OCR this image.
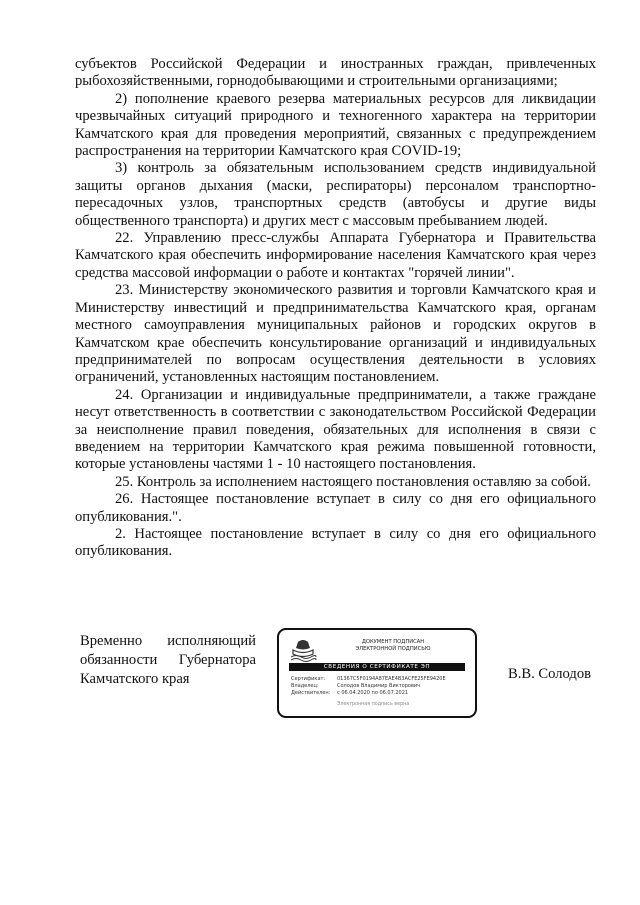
субъектов Российской Федерации и иностранных граждан, привлеченных рыбохозяйственными, горнодобывающими и строительными организациями;

2) пополнение краевого резерва материальных ресурсов для ликвидации чрезвычайных ситуаций природного и техногенного характера на территории Камчатского края для проведения мероприятий, связанных с предупреждением распространения на территории Камчатского края COVID-19;

3) контроль за обязательным использованием средств индивидуальной защиты органов дыхания (маски, респираторы) персоналом транспортно-пересадочных узлов, транспортных средств (автобусы и другие виды общественного транспорта) и других мест с массовым пребыванием людей.

22. Управлению пресс-службы Аппарата Губернатора и Правительства Камчатского края обеспечить информирование населения Камчатского края через средства массовой информации о работе и контактах "горячей линии".

23. Министерству экономического развития и торговли Камчатского края и Министерству инвестиций и предпринимательства Камчатского края, органам местного самоуправления муниципальных районов и городских округов в Камчатском крае обеспечить консультирование организаций и индивидуальных предпринимателей по вопросам осуществления деятельности в условиях ограничений, установленных настоящим постановлением.

24. Организации и индивидуальные предприниматели, а также граждане несут ответственность в соответствии с законодательством Российской Федерации за неисполнение правил поведения, обязательных для исполнения в связи с введением на территории Камчатского края режима повышенной готовности, которые установлены частями 1 - 10 настоящего постановления.

25. Контроль за исполнением настоящего постановления оставляю за собой.

26. Настоящее постановление вступает в силу со дня его официального опубликования.".

2. Настоящее постановление вступает в силу со дня его официального опубликования.

Временно исполняющий
обязанности Губернатора
Камчатского края
ДОКУМЕНТ ПОДПИСАН
ЭЛЕКТРОННОЙ ПОДПИСЬЮ
СВЕДЕНИЯ О СЕРТИФИКАТЕ ЭП
Сертификат: 01367C5F0194A87EAE4B3ACFE25FE9420E
Владелец:	Солодов Владимир Викторович
Действителен: с 06.04.2020 по 06.07.2021
Электронная подпись верна
В.В. Солодов
